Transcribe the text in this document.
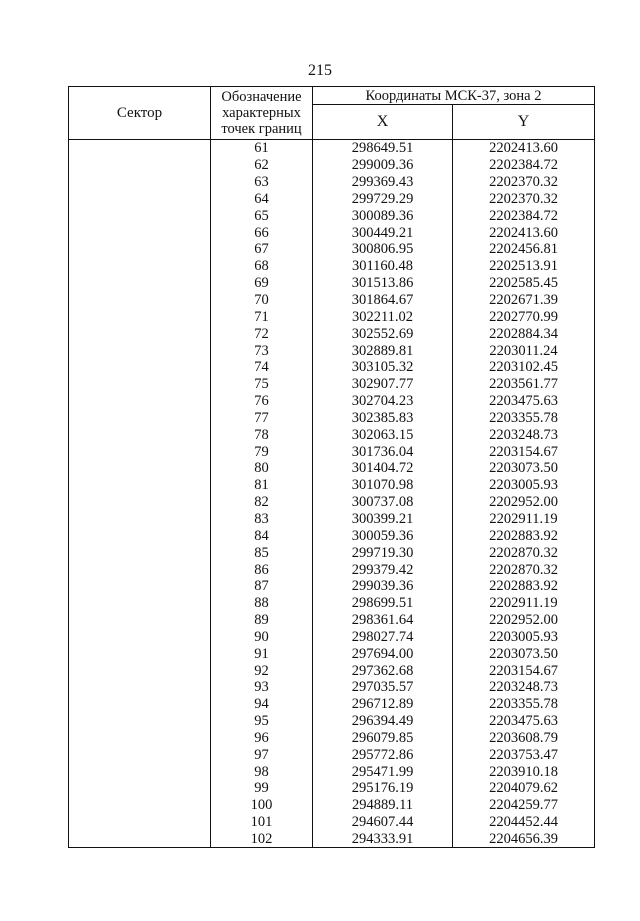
215
Сектор	Обозначение характерных точек границ	Координаты МСК-37, зона 2	
		X	Y
	61	298649.51	2202413.60
	62	299009.36	2202384.72
	63	299369.43	2202370.32
	64	299729.29	2202370.32
	65	300089.36	2202384.72
	66	300449.21	2202413.60
	67	300806.95	2202456.81
	68	301160.48	2202513.91
	69	301513.86	2202585.45
	70	301864.67	2202671.39
	71	302211.02	2202770.99
	72	302552.69	2202884.34
	73	302889.81	2203011.24
	74	303105.32	2203102.45
	75	302907.77	2203561.77
	76	302704.23	2203475.63
	77	302385.83	2203355.78
	78	302063.15	2203248.73
	79	301736.04	2203154.67
	80	301404.72	2203073.50
	81	301070.98	2203005.93
	82	300737.08	2202952.00
	83	300399.21	2202911.19
	84	300059.36	2202883.92
	85	299719.30	2202870.32
	86	299379.42	2202870.32
	87	299039.36	2202883.92
	88	298699.51	2202911.19
	89	298361.64	2202952.00
	90	298027.74	2203005.93
	91	297694.00	2203073.50
	92	297362.68	2203154.67
	93	297035.57	2203248.73
	94	296712.89	2203355.78
	95	296394.49	2203475.63
	96	296079.85	2203608.79
	97	295772.86	2203753.47
	98	295471.99	2203910.18
	99	295176.19	2204079.62
	100	294889.11	2204259.77
	101	294607.44	2204452.44
	102	294333.91	2204656.39
